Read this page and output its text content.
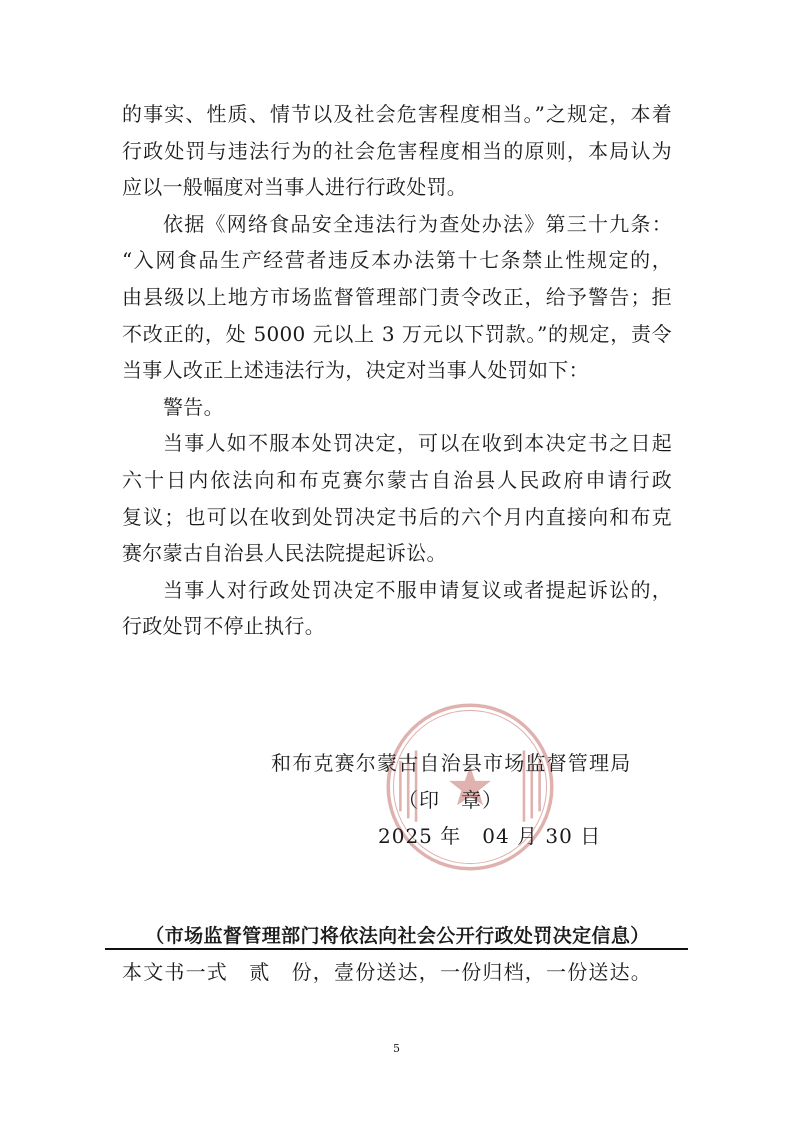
的事实、性质、情节以及社会危害程度相当。”之规定，本着
行政处罚与违法行为的社会危害程度相当的原则，本局认为
应以一般幅度对当事人进行行政处罚。
依据《网络食品安全违法行为查处办法》第三十九条：
“入网食品生产经营者违反本办法第十七条禁止性规定的，
由县级以上地方市场监督管理部门责令改正，给予警告；拒
不改正的，处 5000 元以上 3 万元以下罚款。”的规定，责令
当事人改正上述违法行为，决定对当事人处罚如下：
警告。
当事人如不服本处罚决定，可以在收到本决定书之日起
六十日内依法向和布克赛尔蒙古自治县人民政府申请行政
复议；也可以在收到处罚决定书后的六个月内直接向和布克
赛尔蒙古自治县人民法院提起诉讼。
当事人对行政处罚决定不服申请复议或者提起诉讼的，
行政处罚不停止执行。
和布克赛尔蒙古自治县市场监督管理局
（印　章）
2025 年　04 月 30 日
（市场监督管理部门将依法向社会公开行政处罚决定信息）
本文书一式　贰　份，壹份送达，一份归档，一份送达。
5
